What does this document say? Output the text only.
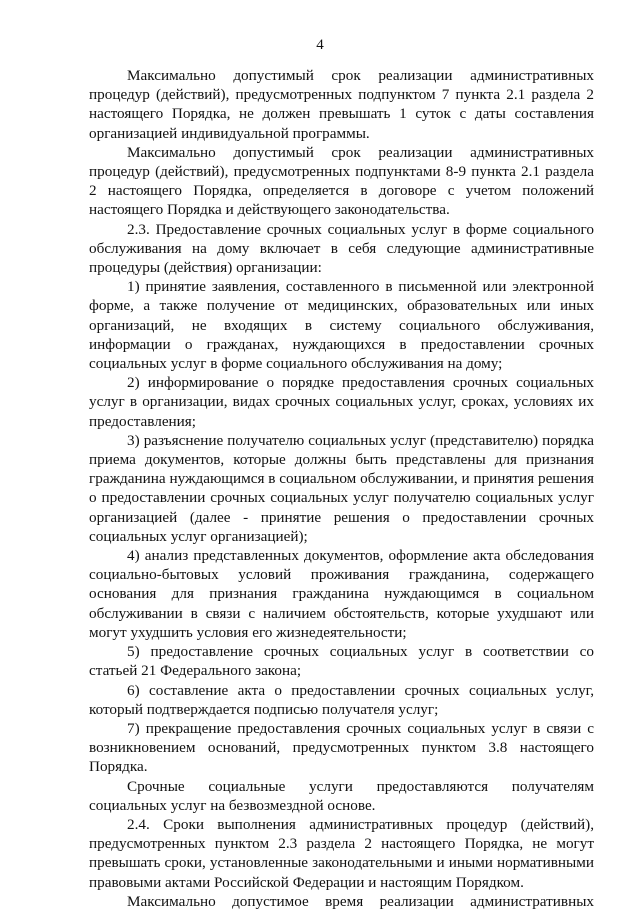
4

Максимально допустимый срок реализации административных процедур (действий), предусмотренных подпунктом 7 пункта 2.1 раздела 2 настоящего Порядка, не должен превышать 1 суток с даты составления организацией индивидуальной программы.

Максимально допустимый срок реализации административных процедур (действий), предусмотренных подпунктами 8-9 пункта 2.1 раздела 2 настоящего Порядка, определяется в договоре с учетом положений настоящего Порядка и действующего законодательства.

2.3. Предоставление срочных социальных услуг в форме социального обслуживания на дому включает в себя следующие административные процедуры (действия) организации:

1) принятие заявления, составленного в письменной или электронной форме, а также получение от медицинских, образовательных или иных организаций, не входящих в систему социального обслуживания, информации о гражданах, нуждающихся в предоставлении срочных социальных услуг в форме социального обслуживания на дому;

2) информирование о порядке предоставления срочных социальных услуг в организации, видах срочных социальных услуг, сроках, условиях их предоставления;

3) разъяснение получателю социальных услуг (представителю) порядка приема документов, которые должны быть представлены для признания гражданина нуждающимся в социальном обслуживании, и принятия решения о предоставлении срочных социальных услуг получателю социальных услуг организацией (далее - принятие решения о предоставлении срочных социальных услуг организацией);

4) анализ представленных документов, оформление акта обследования социально-бытовых условий проживания гражданина, содержащего основания для признания гражданина нуждающимся в социальном обслуживании в связи с наличием обстоятельств, которые ухудшают или могут ухудшить условия его жизнедеятельности;

5) предоставление срочных социальных услуг в соответствии со статьей 21 Федерального закона;

6) составление акта о предоставлении срочных социальных услуг, который подтверждается подписью получателя услуг;

7) прекращение предоставления срочных социальных услуг в связи с возникновением оснований, предусмотренных пунктом 3.8 настоящего Порядка.

Срочные социальные услуги предоставляются получателям социальных услуг на безвозмездной основе.

2.4. Сроки выполнения административных процедур (действий), предусмотренных пунктом 2.3 раздела 2 настоящего Порядка, не могут превышать сроки, установленные законодательными и иными нормативными правовыми актами Российской Федерации и настоящим Порядком.

Максимально допустимое время реализации административных
